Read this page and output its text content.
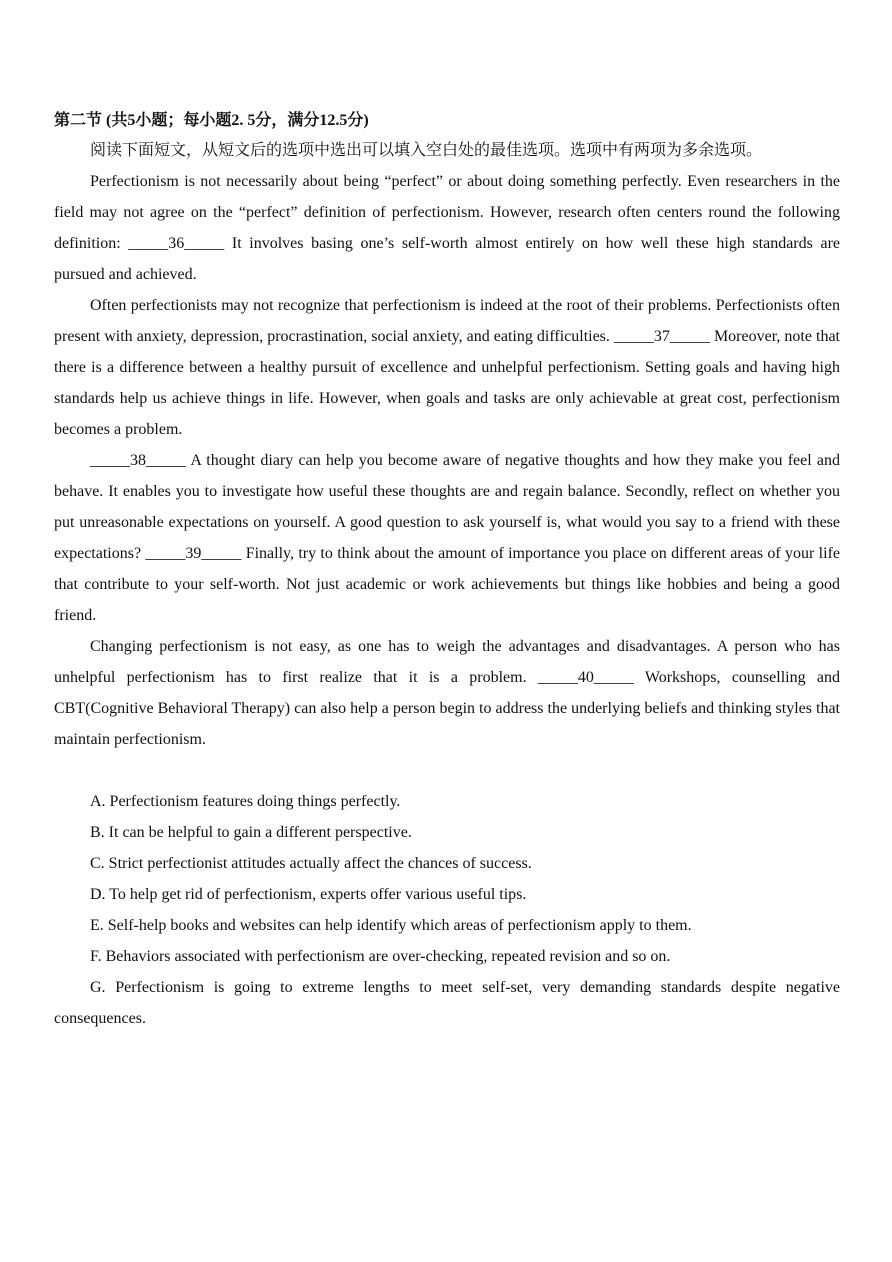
第二节 (共5小题；每小题2. 5分，满分12.5分)

阅读下面短文，从短文后的选项中选出可以填入空白处的最佳选项。选项中有两项为多余选项。

Perfectionism is not necessarily about being “perfect” or about doing something perfectly. Even researchers in the field may not agree on the “perfect” definition of perfectionism. However, research often centers round the following definition: _____36_____ It involves basing one’s self-worth almost entirely on how well these high standards are pursued and achieved.

Often perfectionists may not recognize that perfectionism is indeed at the root of their problems. Perfectionists often present with anxiety, depression, procrastination, social anxiety, and eating difficulties. _____37_____ Moreover, note that there is a difference between a healthy pursuit of excellence and unhelpful perfectionism. Setting goals and having high standards help us achieve things in life. However, when goals and tasks are only achievable at great cost, perfectionism becomes a problem.

_____38_____ A thought diary can help you become aware of negative thoughts and how they make you feel and behave. It enables you to investigate how useful these thoughts are and regain balance. Secondly, reflect on whether you put unreasonable expectations on yourself. A good question to ask yourself is, what would you say to a friend with these expectations? _____39_____ Finally, try to think about the amount of importance you place on different areas of your life that contribute to your self-worth. Not just academic or work achievements but things like hobbies and being a good friend.

Changing perfectionism is not easy, as one has to weigh the advantages and disadvantages. A person who has unhelpful perfectionism has to first realize that it is a problem. _____40_____ Workshops, counselling and CBT(Cognitive Behavioral Therapy) can also help a person begin to address the underlying beliefs and thinking styles that maintain perfectionism.

A. Perfectionism features doing things perfectly.

B. It can be helpful to gain a different perspective.

C. Strict perfectionist attitudes actually affect the chances of success.

D. To help get rid of perfectionism, experts offer various useful tips.

E. Self-help books and websites can help identify which areas of perfectionism apply to them.

F. Behaviors associated with perfectionism are over-checking, repeated revision and so on.

G. Perfectionism is going to extreme lengths to meet self-set, very demanding standards despite negative consequences.
